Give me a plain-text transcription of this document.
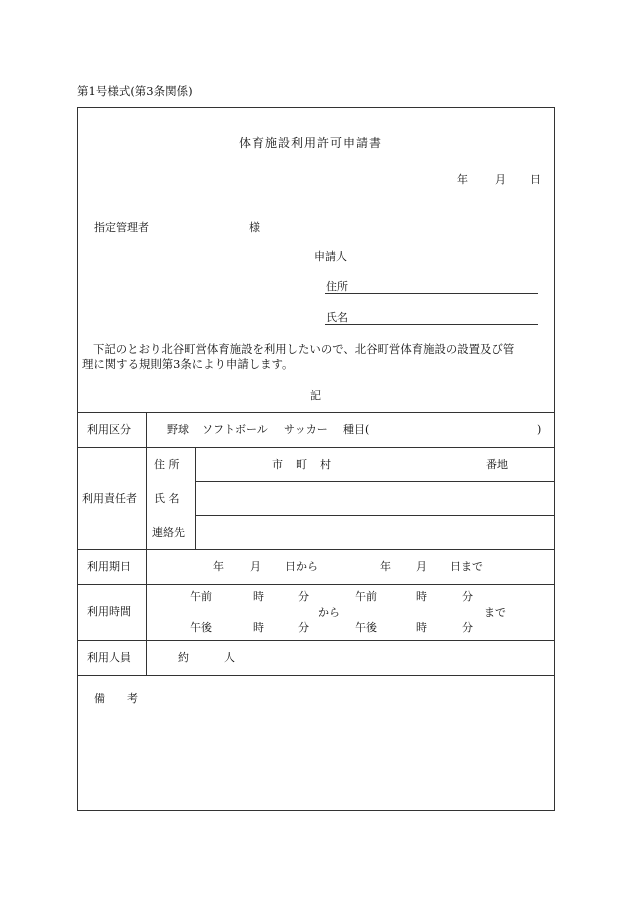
第1号様式(第3条関係)
体育施設利用許可申請書
年 月 日
指定管理者	様
申請人
住所
氏名
下記のとおり北谷町営体育施設を利用したいので、北谷町営体育施設の設置及び管
理に関する規則第3条により申請します。
記
利用区分	野球 ソフトボール サッカー 種目(	)
利用責任者
住 所	市 町 村	番地
氏 名
連絡先
利用期日	年 月 日から	年 月 日まで
利用時間
午前	時	分	午前	時	分
から	まで
午後	時	分	午後	時	分
利用人員	約	人
備　　考
